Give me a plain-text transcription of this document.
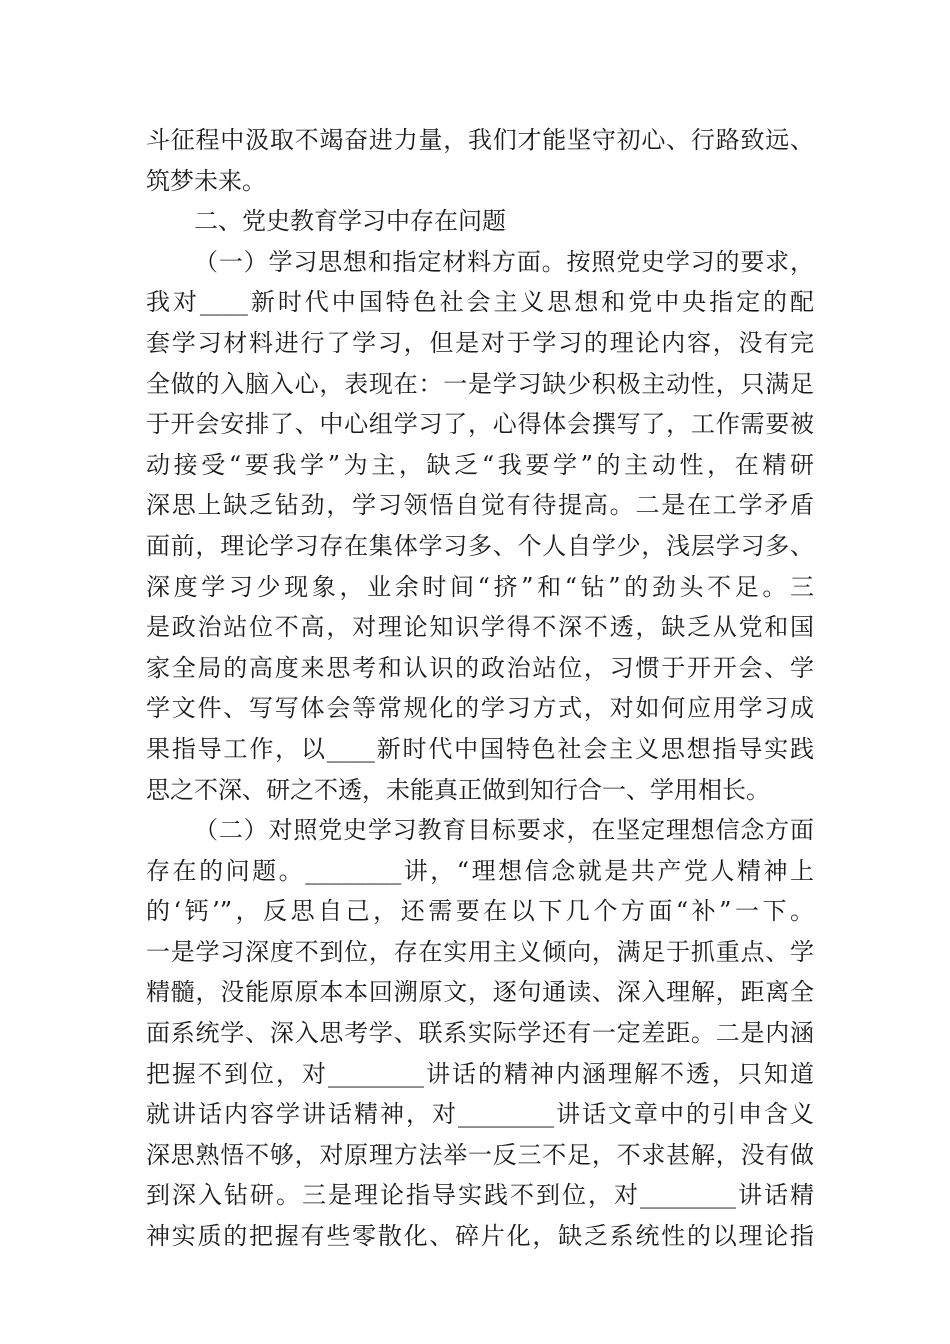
斗征程中汲取不竭奋进力量，我们才能坚守初心、行路致远、
筑梦未来。
二、党史教育学习中存在问题
（一）学习思想和指定材料方面。按照党史学习的要求，
我对____新时代中国特色社会主义思想和党中央指定的配
套学习材料进行了学习，但是对于学习的理论内容，没有完
全做的入脑入心，表现在：一是学习缺少积极主动性，只满足
于开会安排了、中心组学习了，心得体会撰写了，工作需要被
动接受“要我学”为主，缺乏“我要学”的主动性，在精研
深思上缺乏钻劲，学习领悟自觉有待提高。二是在工学矛盾
面前，理论学习存在集体学习多、个人自学少，浅层学习多、
深度学习少现象，业余时间“挤”和“钻”的劲头不足。三
是政治站位不高，对理论知识学得不深不透，缺乏从党和国
家全局的高度来思考和认识的政治站位，习惯于开开会、学
学文件、写写体会等常规化的学习方式，对如何应用学习成
果指导工作，以____新时代中国特色社会主义思想指导实践
思之不深、研之不透，未能真正做到知行合一、学用相长。
（二）对照党史学习教育目标要求，在坚定理想信念方面
存在的问题。________讲，“理想信念就是共产党人精神上
的‘钙’”，反思自己，还需要在以下几个方面“补”一下。
一是学习深度不到位，存在实用主义倾向，满足于抓重点、学
精髓，没能原原本本回溯原文，逐句通读、深入理解，距离全
面系统学、深入思考学、联系实际学还有一定差距。二是内涵
把握不到位，对________讲话的精神内涵理解不透，只知道
就讲话内容学讲话精神，对________讲话文章中的引申含义
深思熟悟不够，对原理方法举一反三不足，不求甚解，没有做
到深入钻研。三是理论指导实践不到位，对________讲话精
神实质的把握有些零散化、碎片化，缺乏系统性的以理论指
